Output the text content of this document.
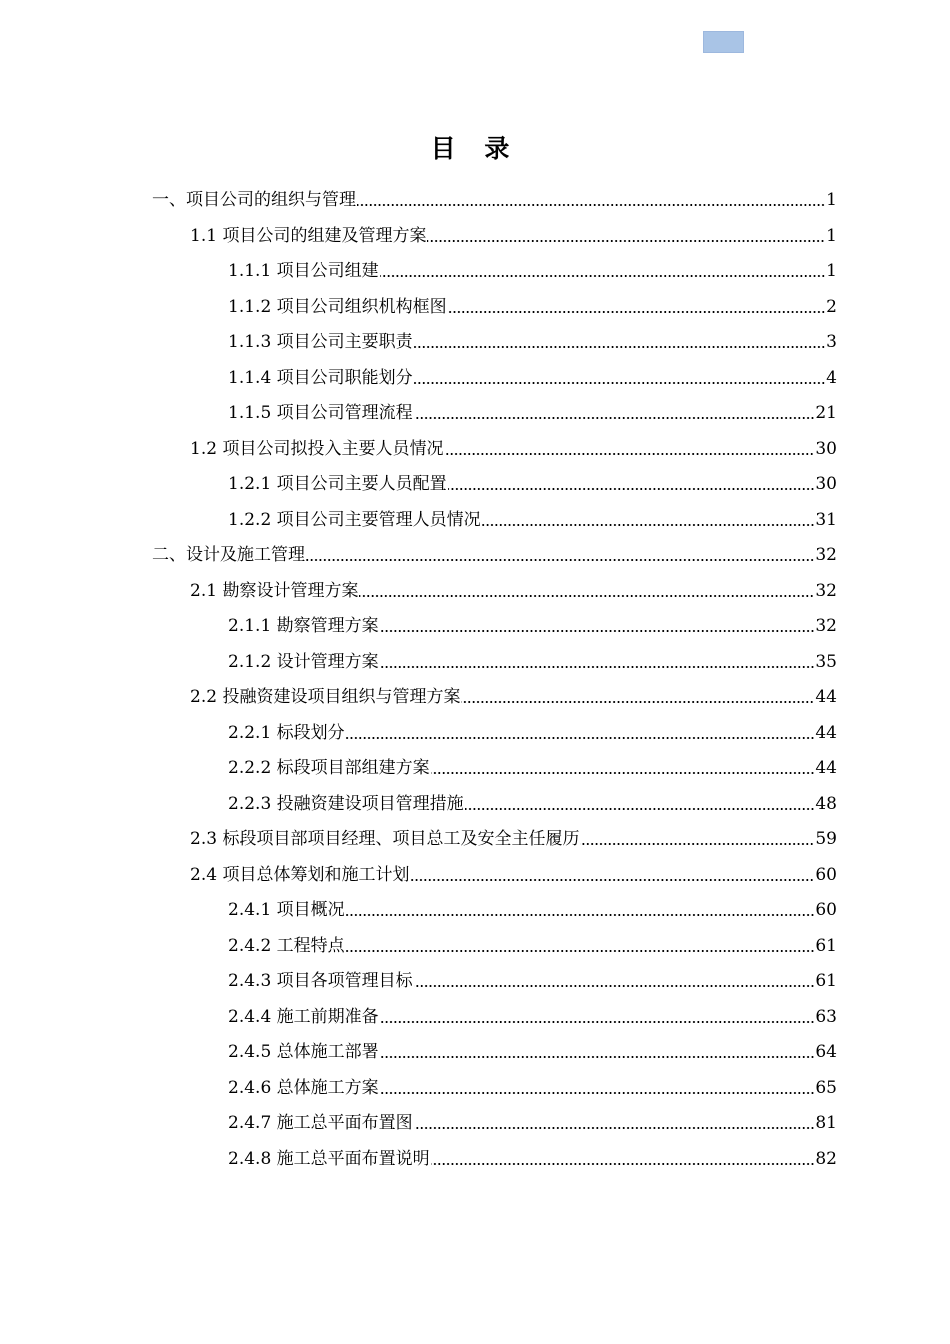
目 录
一、项目公司的组织与管理	1
1.1 项目公司的组建及管理方案	1
1.1.1 项目公司组建	1
1.1.2 项目公司组织机构框图	2
1.1.3 项目公司主要职责	3
1.1.4 项目公司职能划分	4
1.1.5 项目公司管理流程	21
1.2 项目公司拟投入主要人员情况	30
1.2.1 项目公司主要人员配置	30
1.2.2 项目公司主要管理人员情况	31
二、设计及施工管理	32
2.1 勘察设计管理方案	32
2.1.1 勘察管理方案	32
2.1.2 设计管理方案	35
2.2 投融资建设项目组织与管理方案	44
2.2.1 标段划分	44
2.2.2 标段项目部组建方案	44
2.2.3 投融资建设项目管理措施	48
2.3 标段项目部项目经理、项目总工及安全主任履历	59
2.4 项目总体筹划和施工计划	60
2.4.1 项目概况	60
2.4.2 工程特点	61
2.4.3 项目各项管理目标	61
2.4.4 施工前期准备	63
2.4.5 总体施工部署	64
2.4.6 总体施工方案	65
2.4.7 施工总平面布置图	81
2.4.8 施工总平面布置说明	82
